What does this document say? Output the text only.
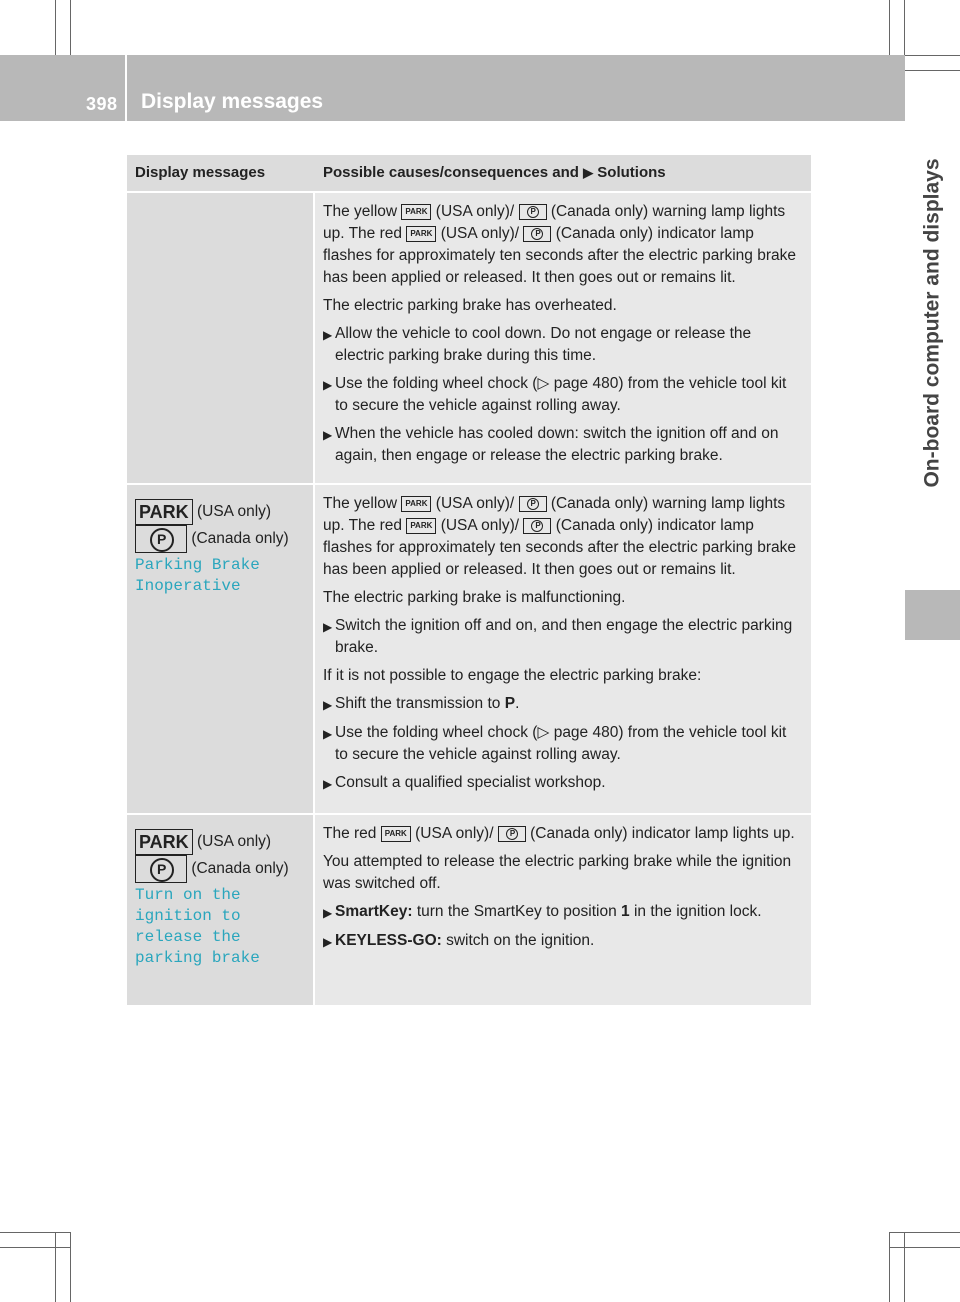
398 Display messages
On-board computer and displays
Display messages	Possible causes/consequences and ▶ Solutions

The yellow PARK (USA only)/ P (Canada only) warning lamp lights up. The red PARK (USA only)/ P (Canada only) indicator lamp flashes for approximately ten seconds after the electric parking brake has been applied or released. It then goes out or remains lit.

The electric parking brake has overheated.

▶ Allow the vehicle to cool down. Do not engage or release the electric parking brake during this time.
▶ Use the folding wheel chock (▷ page 480) from the vehicle tool kit to secure the vehicle against rolling away.
▶ When the vehicle has cooled down: switch the ignition off and on again, then engage or release the electric parking brake.
PARK (USA only) P (Canada only)
Parking Brake
Inoperative

The yellow PARK (USA only)/ P (Canada only) warning lamp lights up. The red PARK (USA only)/ P (Canada only) indicator lamp flashes for approximately ten seconds after the electric parking brake has been applied or released. It then goes out or remains lit.

The electric parking brake is malfunctioning.

▶ Switch the ignition off and on, and then engage the electric parking brake.

If it is not possible to engage the electric parking brake:

▶ Shift the transmission to P.
▶ Use the folding wheel chock (▷ page 480) from the vehicle tool kit to secure the vehicle against rolling away.
▶ Consult a qualified specialist workshop.
PARK (USA only) P (Canada only)
Turn on the
ignition to
release the
parking brake

The red PARK (USA only)/ P (Canada only) indicator lamp lights up.

You attempted to release the electric parking brake while the ignition was switched off.

▶ SmartKey: turn the SmartKey to position 1 in the ignition lock.
▶ KEYLESS-GO: switch on the ignition.
